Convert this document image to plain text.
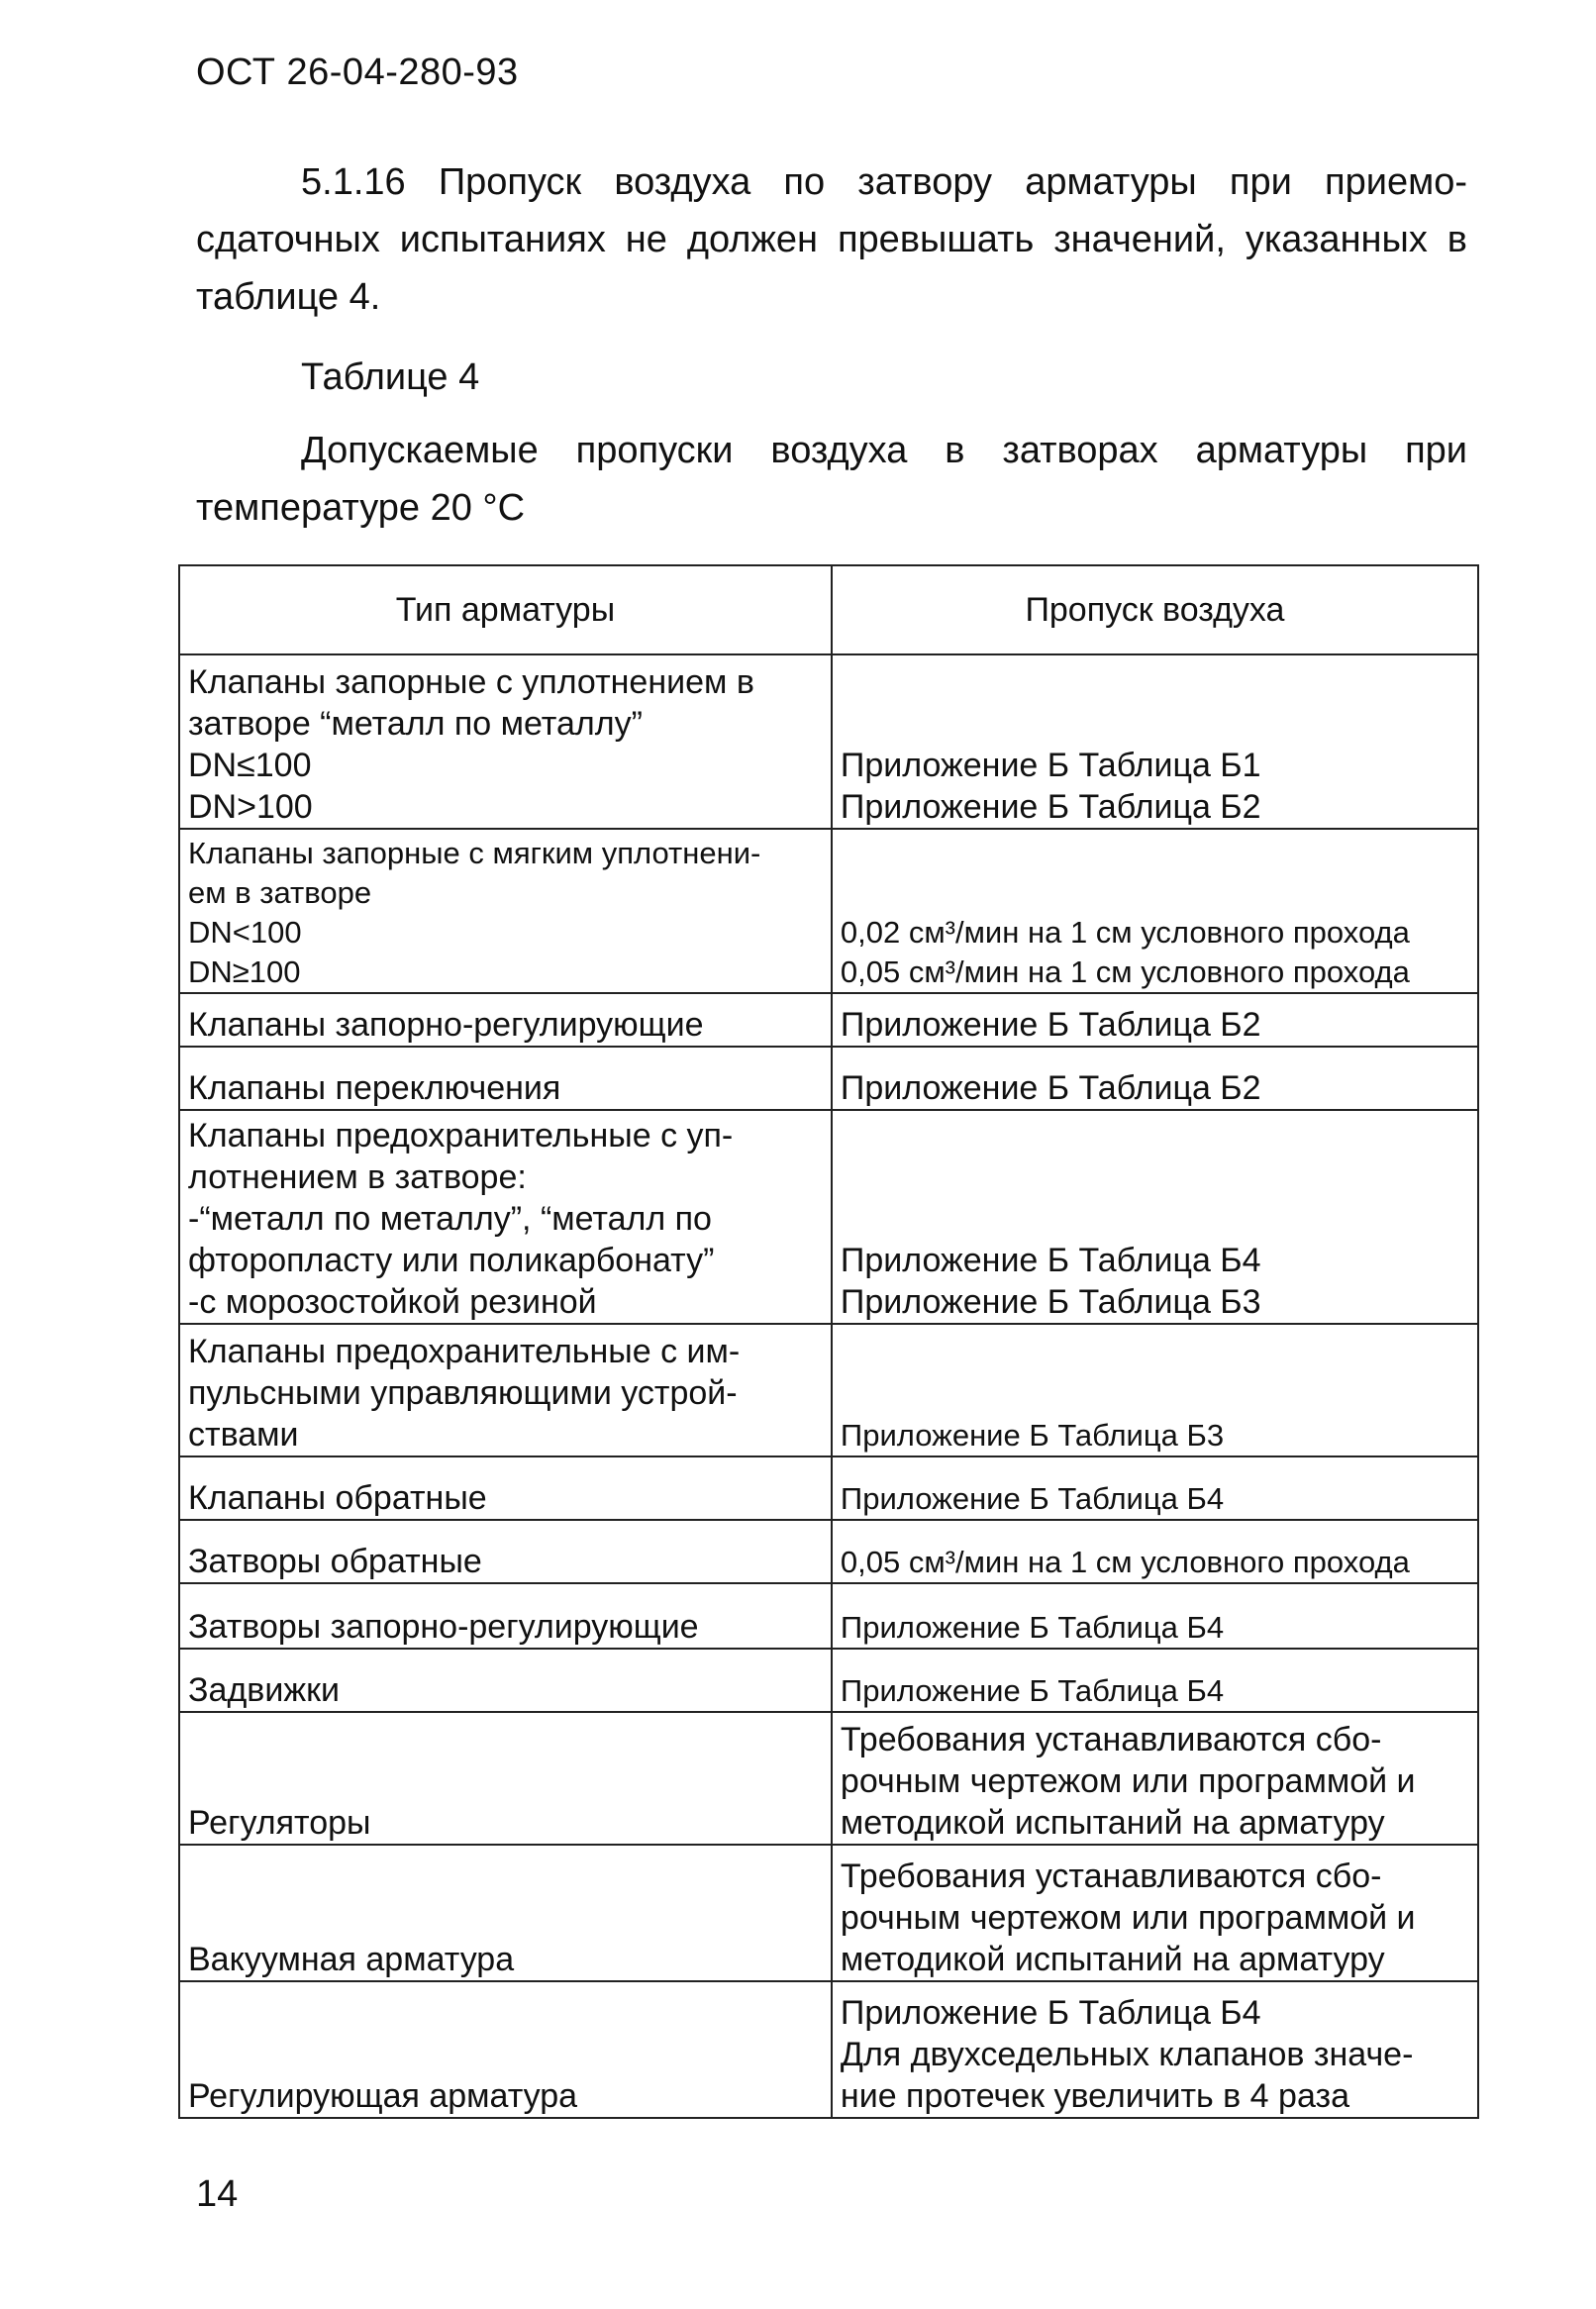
ОСТ 26-04-280-93
5.1.16 Пропуск воздуха по затвору арматуры при приемо-сдаточных испытаниях не должен превышать значений, указанных в таблице 4.
Таблице 4
Допускаемые пропуски воздуха в затворах арматуры при температуре 20 °С
Тип арматуры	Пропуск воздуха

Клапаны запорные с уплотнением в
затворе “металл по металлу”
DN≤100
DN>100	Приложение Б Таблица Б1
Приложение Б Таблица Б2

Клапаны запорные с мягким уплотнени-
ем в затворе
DN<100
DN≥100	0,02 см³/мин на 1 см условного прохода
0,05 см³/мин на 1 см условного прохода

Клапаны запорно-регулирующие	Приложение Б Таблица Б2

Клапаны переключения	Приложение Б Таблица Б2

Клапаны предохранительные с уп-
лотнением в затворе:
-“металл по металлу”, “металл по
фторопласту или поликарбонату”
-с морозостойкой резиной	Приложение Б Таблица Б4
Приложение Б Таблица Б3

Клапаны предохранительные с им-
пульсными управляющими устрой-
ствами	Приложение Б Таблица Б3

Клапаны обратные	Приложение Б Таблица Б4

Затворы обратные	0,05 см³/мин на 1 см условного прохода

Затворы запорно-регулирующие	Приложение Б Таблица Б4

Задвижки	Приложение Б Таблица Б4

Регуляторы	Требования устанавливаются сбо-
рочным чертежом или программой и
методикой испытаний на арматуру

Вакуумная арматура	Требования устанавливаются сбо-
рочным чертежом или программой и
методикой испытаний на арматуру

Регулирующая арматура	Приложение Б Таблица Б4
Для двухседельных клапанов значе-
ние протечек увеличить в 4 раза
14
